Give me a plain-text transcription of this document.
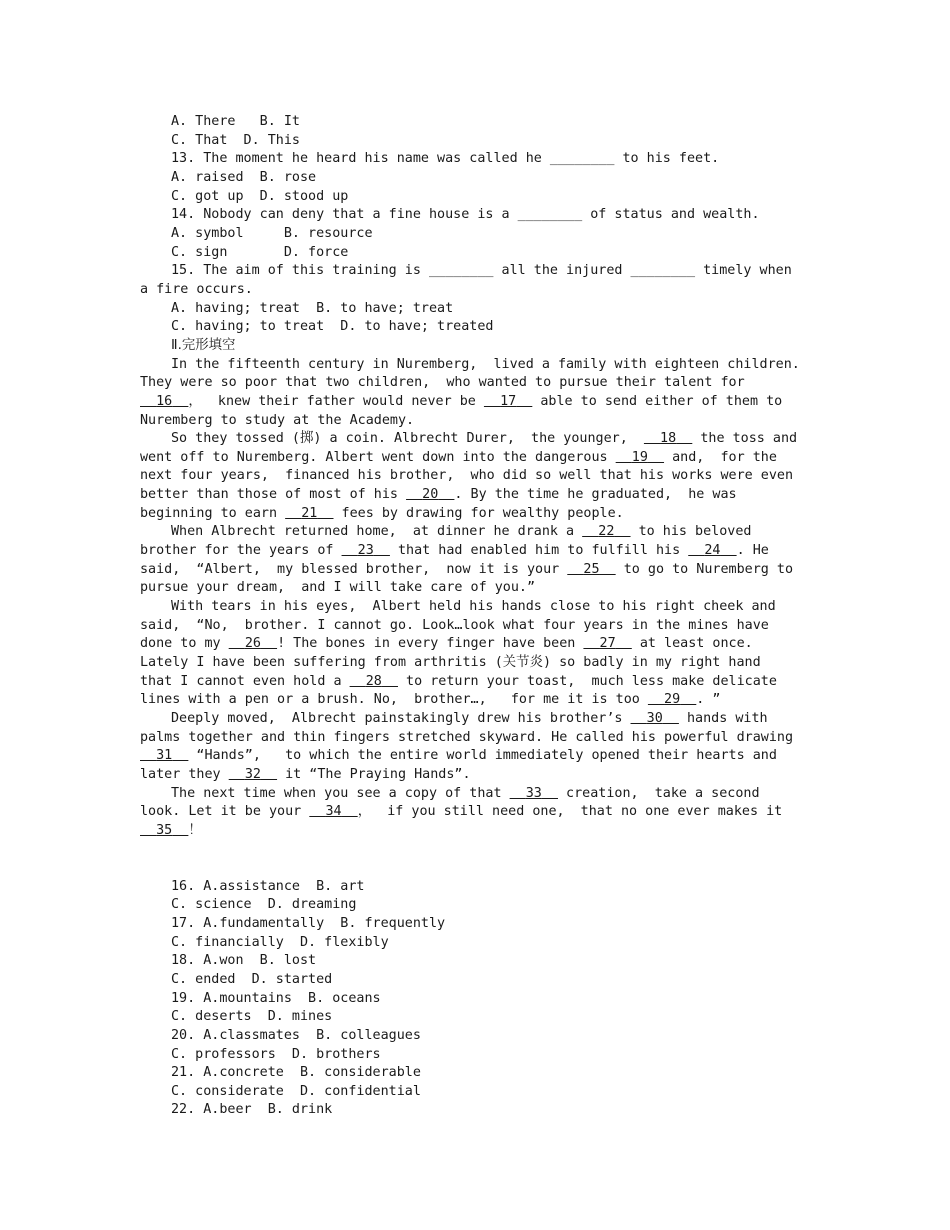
A. There   B. It
C. That  D. This
13. The moment he heard his name was called he ________ to his feet.
A. raised  B. rose
C. got up  D. stood up
14. Nobody can deny that a fine house is a ________ of status and wealth.
A. symbol     B. resource
C. sign       D. force
15. The aim of this training is ________ all the injured ________ timely when
a fire occurs.
A. having; treat  B. to have; treat
C. having; to treat  D. to have; treated
Ⅱ.完形填空
In the fifteenth century in Nuremberg,  lived a family with eighteen children.
They were so poor that two children,  who wanted to pursue their talent for
16 ，  knew their father would never be   17   able to send either of them to
Nuremberg to study at the Academy.
So they tossed (掷) a coin. Albrecht Durer,  the younger,    18   the toss and
went off to Nuremberg. Albert went down into the dangerous   19   and,  for the
next four years,  financed his brother,  who did so well that his works were even
better than those of most of his   20 . By the time he graduated,  he was
beginning to earn   21   fees by drawing for wealthy people.
When Albrecht returned home,  at dinner he drank a   22   to his beloved
brother for the years of   23   that had enabled him to fulfill his   24 . He
said,  “Albert,  my blessed brother,  now it is your   25   to go to Nuremberg to
pursue your dream,  and I will take care of you.”
With tears in his eyes,  Albert held his hands close to his right cheek and
said,  “No,  brother. I cannot go. Look…look what four years in the mines have
done to my   26 ! The bones in every finger have been   27   at least once.
Lately I have been suffering from arthritis (关节炎) so badly in my right hand
that I cannot even hold a   28   to return your toast,  much less make delicate
lines with a pen or a brush. No,  brother…,   for me it is too   29 . ”
Deeply moved,  Albrecht painstakingly drew his brother’s   30   hands with
palms together and thin fingers stretched skyward. He called his powerful drawing
31   “Hands”,   to which the entire world immediately opened their hearts and
later they   32   it “The Praying Hands”.
The next time when you see a copy of that   33   creation,  take a second
look. Let it be your   34 ，  if you still need one,  that no one ever makes it
35 ！
16. A.assistance  B. art
C. science  D. dreaming
17. A.fundamentally  B. frequently
C. financially  D. flexibly
18. A.won  B. lost
C. ended  D. started
19. A.mountains  B. oceans
C. deserts  D. mines
20. A.classmates  B. colleagues
C. professors  D. brothers
21. A.concrete  B. considerable
C. considerate  D. confidential
22. A.beer  B. drink
